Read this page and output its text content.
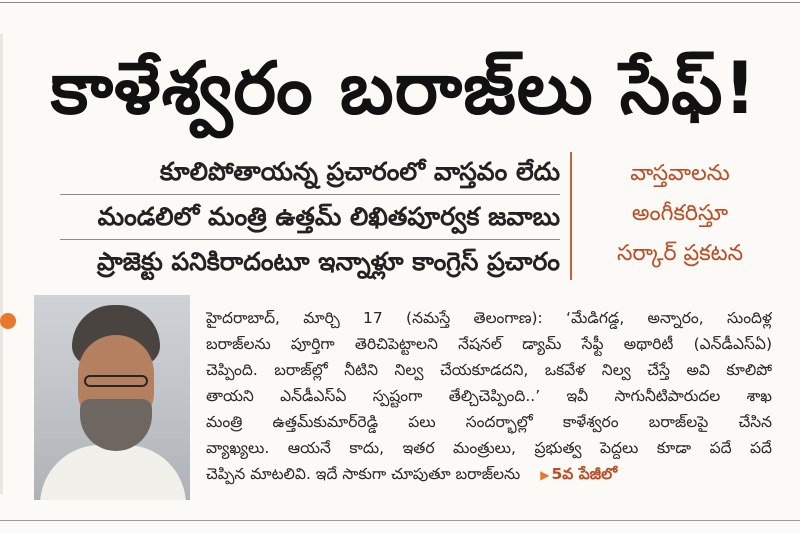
కాళేశ్వరం బరాజ్‌లు సేఫ్!
కూలిపోతాయన్న ప్రచారంలో వాస్తవం లేదు
మండలిలో మంత్రి ఉత్తమ్ లిఖితపూర్వక జవాబు
ప్రాజెక్టు పనికిరాదంటూ ఇన్నాళ్లూ కాంగ్రెస్ ప్రచారం
వాస్తవాలను
అంగీకరిస్తూ
సర్కార్ ప్రకటన
హైదరాబాద్, మార్చి 17 (నమస్తే తెలంగాణ): ‘మేడిగడ్డ, అన్నారం, సుందిళ్ల
బరాజ్‌లను పూర్తిగా తెరిచిపెట్టాలని నేషనల్ డ్యామ్ సేఫ్టీ అథారిటీ (ఎన్‌డీఎస్‌ఏ)
చెప్పింది. బరాజ్‌ల్లో నీటిని నిల్వ చేయకూడదని, ఒకవేళ నిల్వ చేస్తే అవి కూలిపో
తాయని ఎన్‌డీఎస్‌ఏ స్పష్టంగా తేల్చిచెప్పింది..’ ఇవీ సాగునీటిపారుదల శాఖ
మంత్రి ఉత్తమ్‌కుమార్‌రెడ్డి పలు సందర్భాల్లో కాళేశ్వరం బరాజ్‌లపై చేసిన
వ్యాఖ్యలు. ఆయనే కాదు, ఇతర మంత్రులు, ప్రభుత్వ పెద్దలు కూడా పదే పదే
చెప్పిన మాటలివి. ఇదే సాకుగా చూపుతూ బరాజ్‌లను ▶ 5వ పేజీలో
